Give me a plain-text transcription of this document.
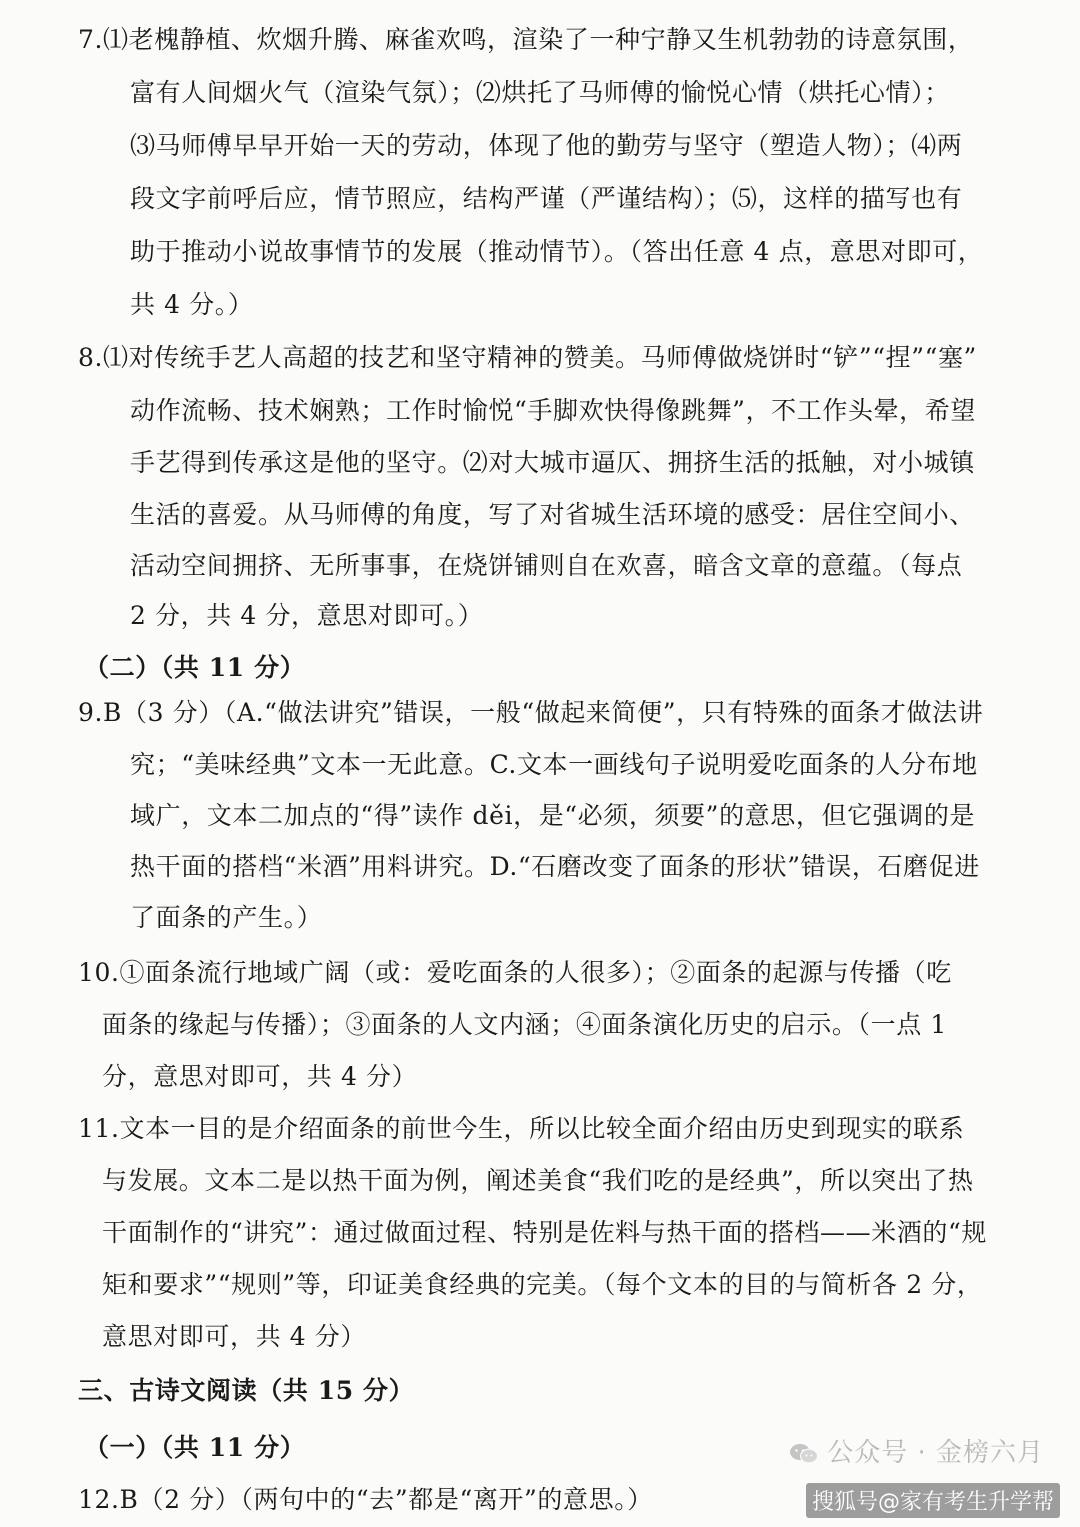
7.⑴老槐静植、炊烟升腾、麻雀欢鸣，渲染了一种宁静又生机勃勃的诗意氛围，
富有人间烟火气（渲染气氛）；⑵烘托了马师傅的愉悦心情（烘托心情）；
⑶马师傅早早开始一天的劳动，体现了他的勤劳与坚守（塑造人物）；⑷两
段文字前呼后应，情节照应，结构严谨（严谨结构）；⑸，这样的描写也有
助于推动小说故事情节的发展（推动情节）。（答出任意 4 点，意思对即可，
共 4 分。）
8.⑴对传统手艺人高超的技艺和坚守精神的赞美。马师傅做烧饼时“铲”“捏”“塞”
动作流畅、技术娴熟；工作时愉悦“手脚欢快得像跳舞”，不工作头晕，希望
手艺得到传承这是他的坚守。⑵对大城市逼仄、拥挤生活的抵触，对小城镇
生活的喜爱。从马师傅的角度，写了对省城生活环境的感受：居住空间小、
活动空间拥挤、无所事事，在烧饼铺则自在欢喜，暗含文章的意蕴。（每点
2 分，共 4 分，意思对即可。）
（二）（共 11 分）
9.B（3 分）（A.“做法讲究”错误，一般“做起来简便”，只有特殊的面条才做法讲
究；“美味经典”文本一无此意。C.文本一画线句子说明爱吃面条的人分布地
域广，文本二加点的“得”读作 děi，是“必须，须要”的意思，但它强调的是
热干面的搭档“米酒”用料讲究。D.“石磨改变了面条的形状”错误，石磨促进
了面条的产生。）
10.①面条流行地域广阔（或：爱吃面条的人很多）；②面条的起源与传播（吃
面条的缘起与传播）；③面条的人文内涵；④面条演化历史的启示。（一点 1
分，意思对即可，共 4 分）
11.文本一目的是介绍面条的前世今生，所以比较全面介绍由历史到现实的联系
与发展。文本二是以热干面为例，阐述美食“我们吃的是经典”，所以突出了热
干面制作的“讲究”：通过做面过程、特别是佐料与热干面的搭档——米酒的“规
矩和要求”“规则”等，印证美食经典的完美。（每个文本的目的与简析各 2 分，
意思对即可，共 4 分）
三、古诗文阅读（共 15 分）
（一）（共 11 分）
12.B（2 分）（两句中的“去”都是“离开”的意思。）
公众号 · 金榜六月
搜狐号@家有考生升学帮
